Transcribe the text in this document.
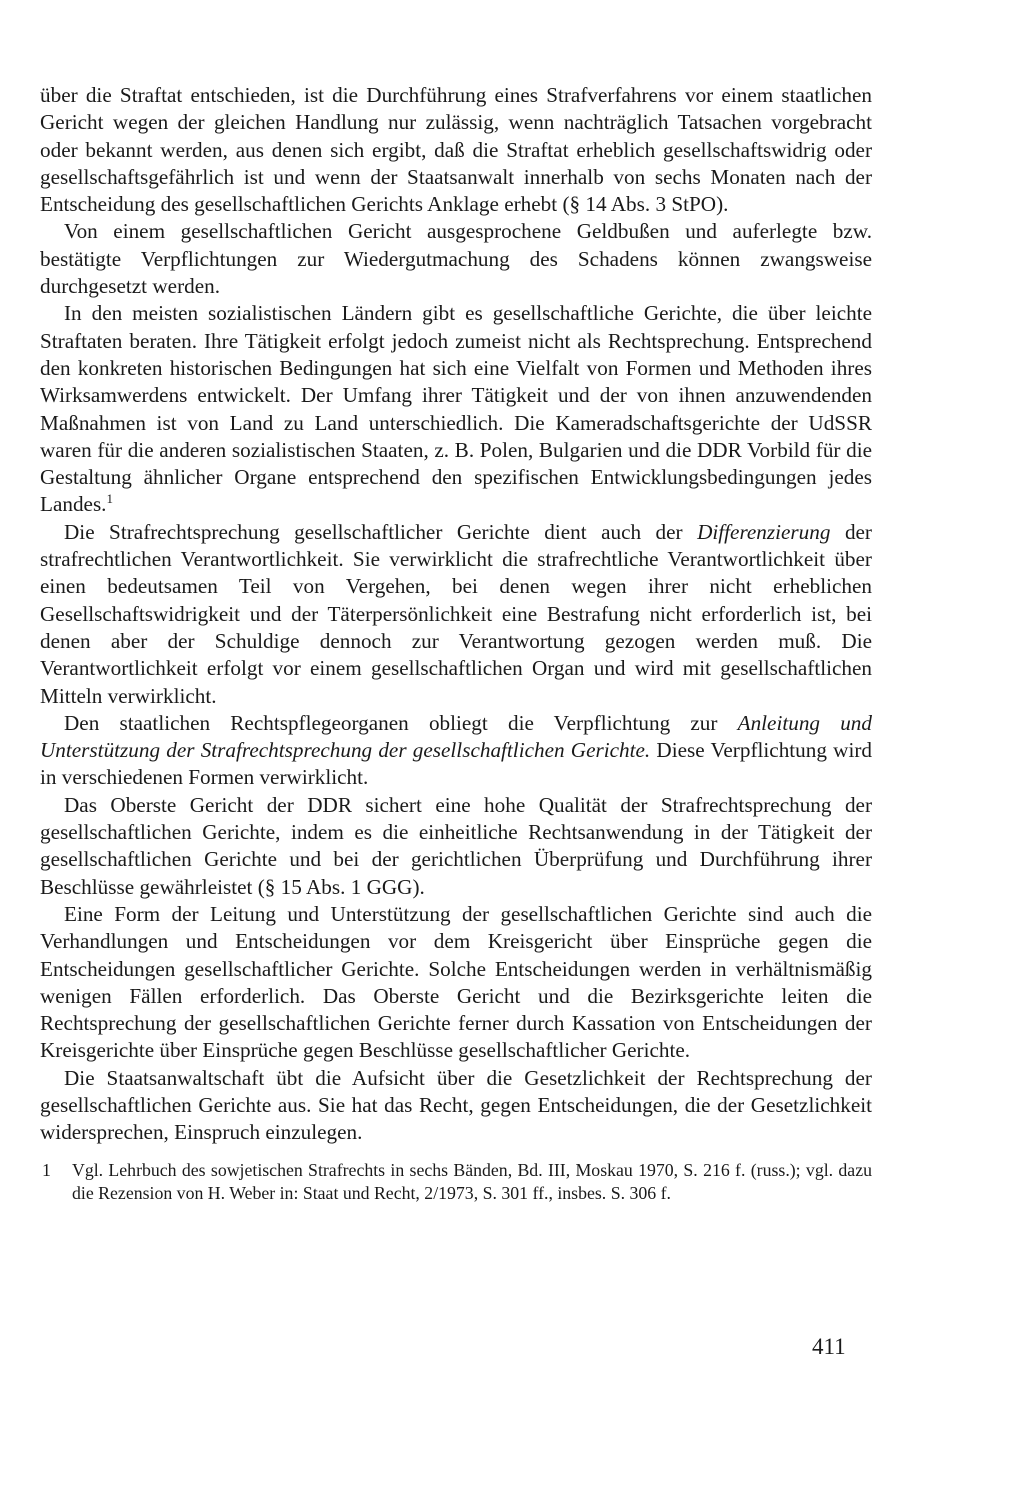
über die Straftat entschieden, ist die Durchführung eines Strafverfahrens vor einem staatlichen Gericht wegen der gleichen Handlung nur zulässig, wenn nachträglich Tatsachen vorgebracht oder bekannt werden, aus denen sich ergibt, daß die Straftat erheblich gesellschaftswidrig oder gesellschaftsgefährlich ist und wenn der Staatsanwalt innerhalb von sechs Monaten nach der Entscheidung des gesellschaftlichen Gerichts Anklage erhebt (§ 14 Abs. 3 StPO).

Von einem gesellschaftlichen Gericht ausgesprochene Geldbußen und auferlegte bzw. bestätigte Verpflichtungen zur Wiedergutmachung des Schadens können zwangsweise durchgesetzt werden.

In den meisten sozialistischen Ländern gibt es gesellschaftliche Gerichte, die über leichte Straftaten beraten. Ihre Tätigkeit erfolgt jedoch zumeist nicht als Rechtsprechung. Entsprechend den konkreten historischen Bedingungen hat sich eine Vielfalt von Formen und Methoden ihres Wirksamwerdens entwickelt. Der Umfang ihrer Tätigkeit und der von ihnen anzuwendenden Maßnahmen ist von Land zu Land unterschiedlich. Die Kameradschaftsgerichte der UdSSR waren für die anderen sozialistischen Staaten, z. B. Polen, Bulgarien und die DDR Vorbild für die Gestaltung ähnlicher Organe entsprechend den spezifischen Entwicklungsbedingungen jedes Landes.$^1$

Die Strafrechtsprechung gesellschaftlicher Gerichte dient auch der Differenzierung der strafrechtlichen Verantwortlichkeit. Sie verwirklicht die strafrechtliche Verantwortlichkeit über einen bedeutsamen Teil von Vergehen, bei denen wegen ihrer nicht erheblichen Gesellschaftswidrigkeit und der Täterpersönlichkeit eine Bestrafung nicht erforderlich ist, bei denen aber der Schuldige dennoch zur Verantwortung gezogen werden muß. Die Verantwortlichkeit erfolgt vor einem gesellschaftlichen Organ und wird mit gesellschaftlichen Mitteln verwirklicht.

Den staatlichen Rechtspflegeorganen obliegt die Verpflichtung zur Anleitung und Unterstützung der Strafrechtsprechung der gesellschaftlichen Gerichte. Diese Verpflichtung wird in verschiedenen Formen verwirklicht.

Das Oberste Gericht der DDR sichert eine hohe Qualität der Strafrechtsprechung der gesellschaftlichen Gerichte, indem es die einheitliche Rechtsanwendung in der Tätigkeit der gesellschaftlichen Gerichte und bei der gerichtlichen Überprüfung und Durchführung ihrer Beschlüsse gewährleistet (§ 15 Abs. 1 GGG).

Eine Form der Leitung und Unterstützung der gesellschaftlichen Gerichte sind auch die Verhandlungen und Entscheidungen vor dem Kreisgericht über Einsprüche gegen die Entscheidungen gesellschaftlicher Gerichte. Solche Entscheidungen werden in verhältnismäßig wenigen Fällen erforderlich. Das Oberste Gericht und die Bezirksgerichte leiten die Rechtsprechung der gesellschaftlichen Gerichte ferner durch Kassation von Entscheidungen der Kreisgerichte über Einsprüche gegen Beschlüsse gesellschaftlicher Gerichte.

Die Staatsanwaltschaft übt die Aufsicht über die Gesetzlichkeit der Rechtsprechung der gesellschaftlichen Gerichte aus. Sie hat das Recht, gegen Entscheidungen, die der Gesetzlichkeit widersprechen, Einspruch einzulegen.

1	Vgl. Lehrbuch des sowjetischen Strafrechts in sechs Bänden, Bd. III, Moskau 1970, S. 216 f. (russ.); vgl. dazu die Rezension von H. Weber in: Staat und Recht, 2/1973, S. 301 ff., insbes. S. 306 f.

411
